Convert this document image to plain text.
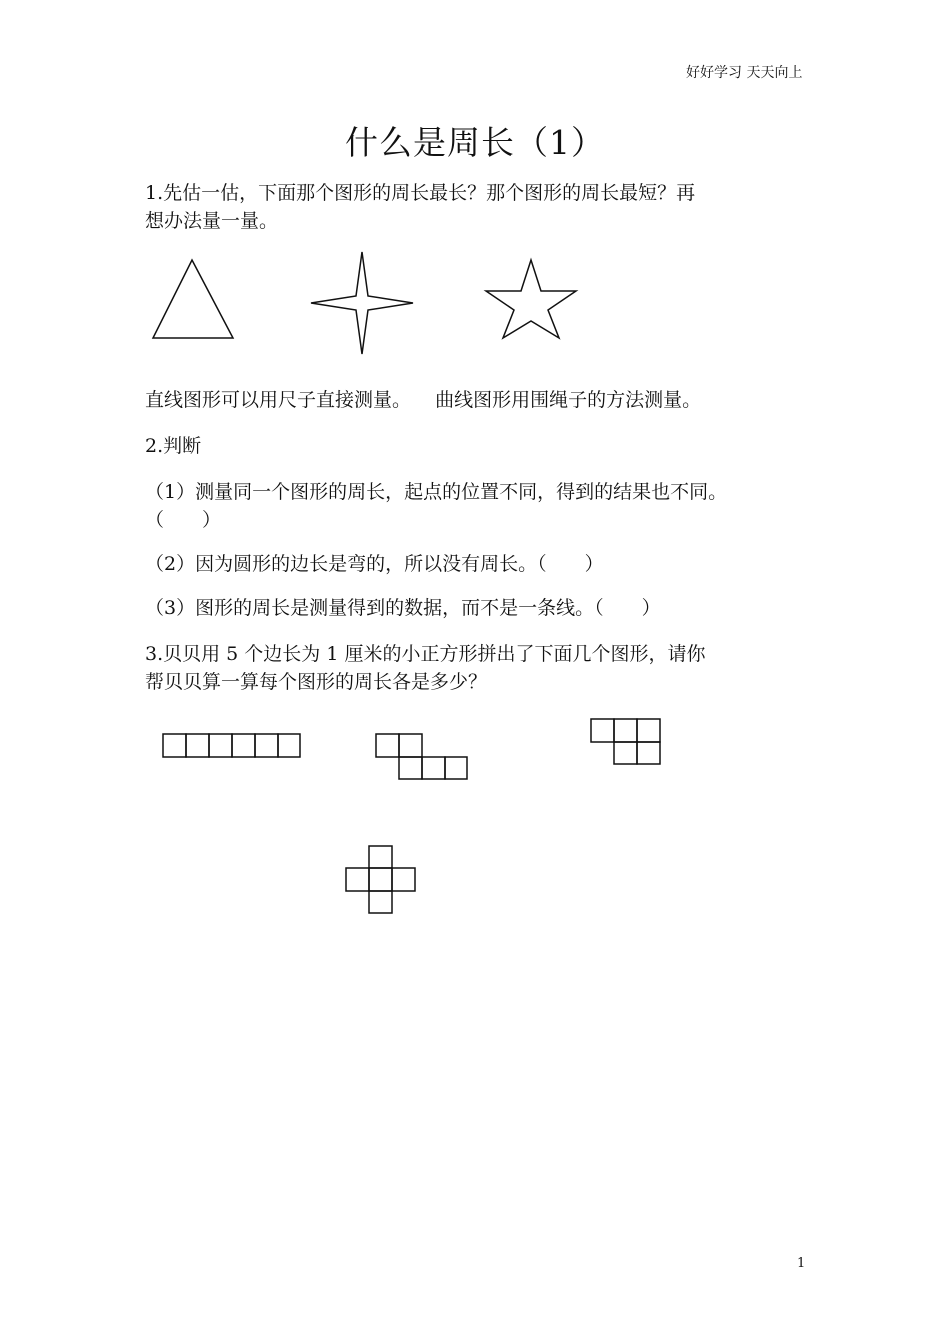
好好学习 天天向上
什么是周长（1）
1.先估一估，下面那个图形的周长最长？那个图形的周长最短？再
想办法量一量。
直线图形可以用尺子直接测量。    曲线图形用围绳子的方法测量。
2.判断
（1）测量同一个图形的周长，起点的位置不同，得到的结果也不同。
（　　）
（2）因为圆形的边长是弯的，所以没有周长。（　　）
（3）图形的周长是测量得到的数据，而不是一条线。（　　）
3.贝贝用 5 个边长为 1 厘米的小正方形拼出了下面几个图形，请你
帮贝贝算一算每个图形的周长各是多少？
1
